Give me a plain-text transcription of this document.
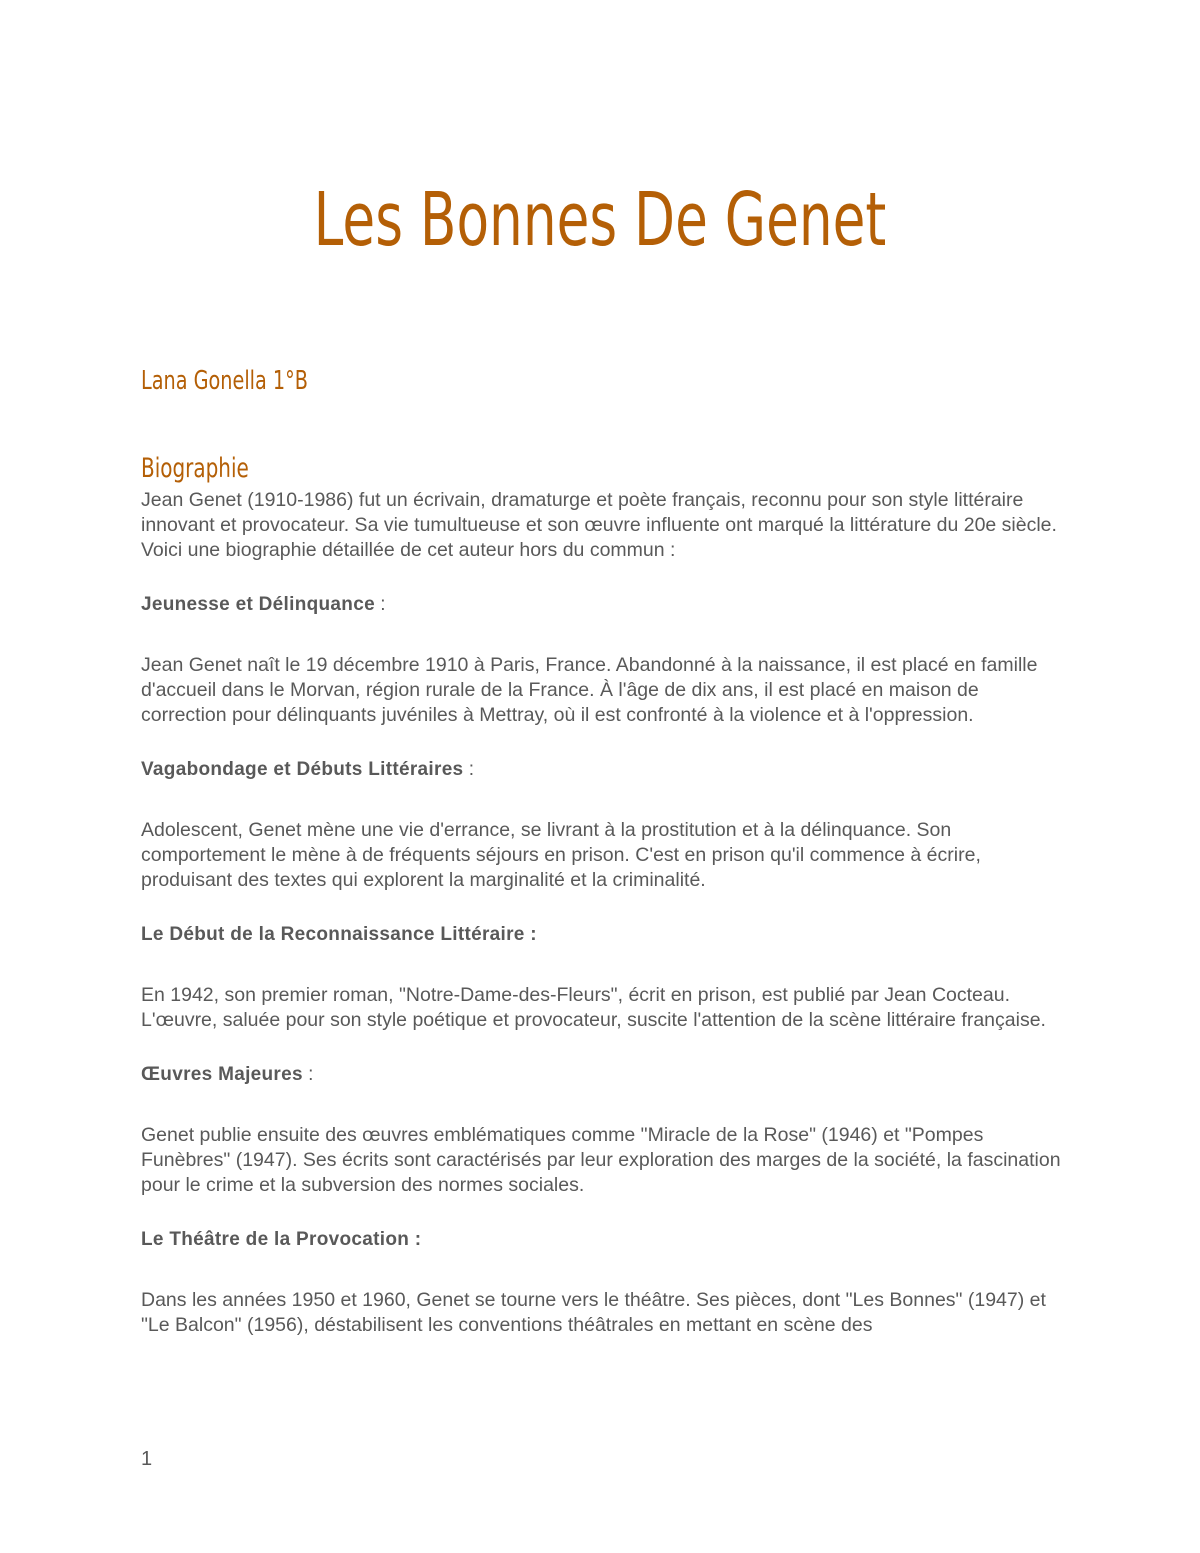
Les Bonnes De Genet
Lana Gonella 1°B
Biographie

Jean Genet (1910-1986) fut un écrivain, dramaturge et poète français, reconnu pour son style littéraire innovant et provocateur. Sa vie tumultueuse et son œuvre influente ont marqué la littérature du 20e siècle. Voici une biographie détaillée de cet auteur hors du commun :

Jeunesse et Délinquance :

Jean Genet naît le 19 décembre 1910 à Paris, France. Abandonné à la naissance, il est placé en famille d'accueil dans le Morvan, région rurale de la France. À l'âge de dix ans, il est placé en maison de correction pour délinquants juvéniles à Mettray, où il est confronté à la violence et à l'oppression.

Vagabondage et Débuts Littéraires :

Adolescent, Genet mène une vie d'errance, se livrant à la prostitution et à la délinquance. Son comportement le mène à de fréquents séjours en prison. C'est en prison qu'il commence à écrire, produisant des textes qui explorent la marginalité et la criminalité.

Le Début de la Reconnaissance Littéraire :

En 1942, son premier roman, "Notre-Dame-des-Fleurs", écrit en prison, est publié par Jean Cocteau. L'œuvre, saluée pour son style poétique et provocateur, suscite l'attention de la scène littéraire française.

Œuvres Majeures :

Genet publie ensuite des œuvres emblématiques comme "Miracle de la Rose" (1946) et "Pompes Funèbres" (1947). Ses écrits sont caractérisés par leur exploration des marges de la société, la fascination pour le crime et la subversion des normes sociales.

Le Théâtre de la Provocation :

Dans les années 1950 et 1960, Genet se tourne vers le théâtre. Ses pièces, dont "Les Bonnes" (1947) et "Le Balcon" (1956), déstabilisent les conventions théâtrales en mettant en scène des

1
